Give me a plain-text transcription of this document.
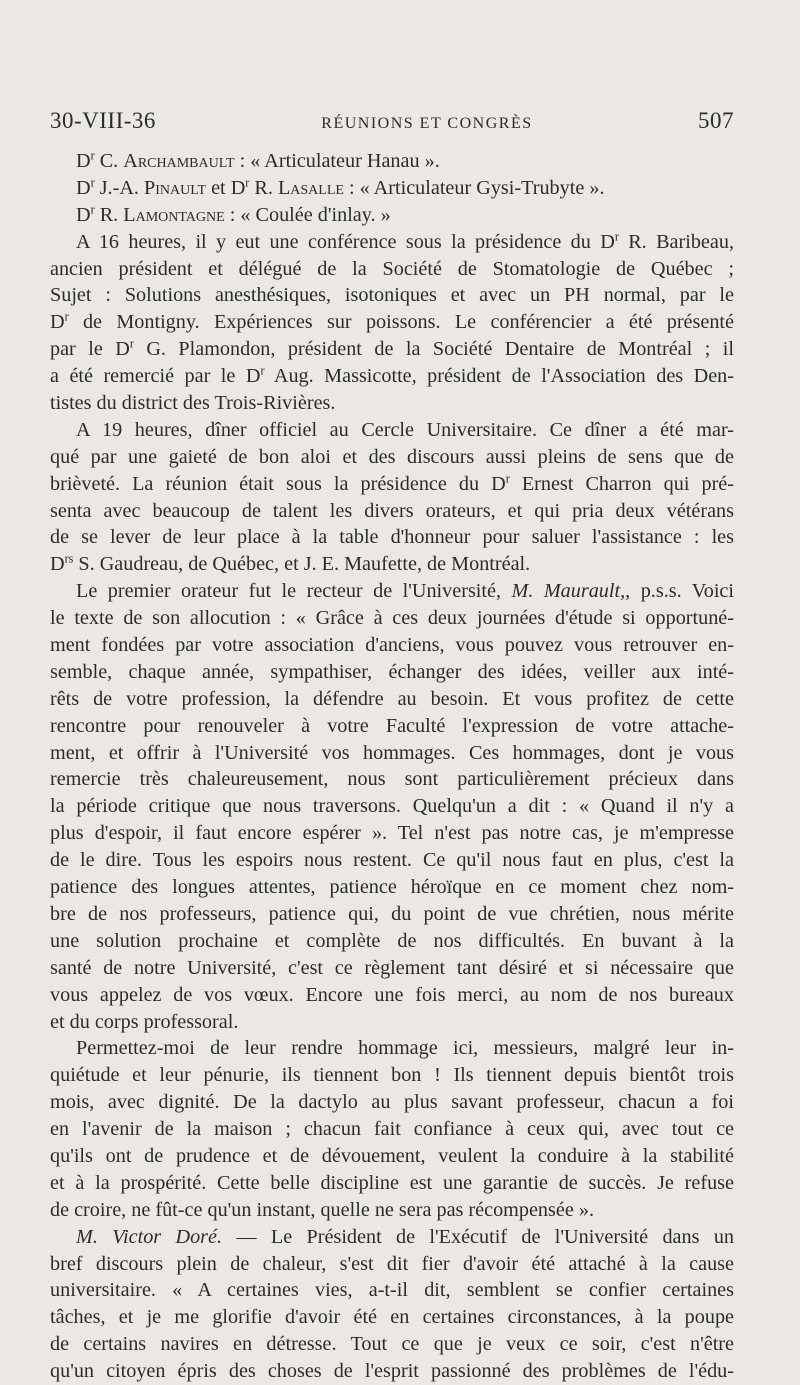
30-VIII-36	RÉUNIONS ET CONGRÈS	507
$D^r$ C. Archambault : « Articulateur Hanau ».
$D^r$ J.-A. Pinault et $D^r$ R. Lasalle : « Articulateur Gysi-Trubyte ».
$D^r$ R. Lamontagne : « Coulée d'inlay. »
A 16 heures, il y eut une conférence sous la présidence du $D^r$ R. Baribeau,
ancien président et délégué de la Société de Stomatologie de Québec ;
Sujet : Solutions anesthésiques, isotoniques et avec un PH normal, par le
$D^r$ de Montigny. Expériences sur poissons. Le conférencier a été présenté
par le $D^r$ G. Plamondon, président de la Société Dentaire de Montréal ; il
a été remercié par le $D^r$ Aug. Massicotte, président de l'Association des Den-
tistes du district des Trois-Rivières.
A 19 heures, dîner officiel au Cercle Universitaire. Ce dîner a été mar-
qué par une gaieté de bon aloi et des discours aussi pleins de sens que de
brièveté. La réunion était sous la présidence du $D^r$ Ernest Charron qui pré-
senta avec beaucoup de talent les divers orateurs, et qui pria deux vétérans
de se lever de leur place à la table d'honneur pour saluer l'assistance : les
$D^{rs}$ S. Gaudreau, de Québec, et J. E. Maufette, de Montréal.
Le premier orateur fut le recteur de l'Université, M. Maurault,, p.s.s. Voici
le texte de son allocution : « Grâce à ces deux journées d'étude si opportuné-
ment fondées par votre association d'anciens, vous pouvez vous retrouver en-
semble, chaque année, sympathiser, échanger des idées, veiller aux inté-
rêts de votre profession, la défendre au besoin. Et vous profitez de cette
rencontre pour renouveler à votre Faculté l'expression de votre attache-
ment, et offrir à l'Université vos hommages. Ces hommages, dont je vous
remercie très chaleureusement, nous sont particulièrement précieux dans
la période critique que nous traversons. Quelqu'un a dit : « Quand il n'y a
plus d'espoir, il faut encore espérer ». Tel n'est pas notre cas, je m'empresse
de le dire. Tous les espoirs nous restent. Ce qu'il nous faut en plus, c'est la
patience des longues attentes, patience héroïque en ce moment chez nom-
bre de nos professeurs, patience qui, du point de vue chrétien, nous mérite
une solution prochaine et complète de nos difficultés. En buvant à la
santé de notre Université, c'est ce règlement tant désiré et si nécessaire que
vous appelez de vos vœux. Encore une fois merci, au nom de nos bureaux
et du corps professoral.
Permettez-moi de leur rendre hommage ici, messieurs, malgré leur in-
quiétude et leur pénurie, ils tiennent bon ! Ils tiennent depuis bientôt trois
mois, avec dignité. De la dactylo au plus savant professeur, chacun a foi
en l'avenir de la maison ; chacun fait confiance à ceux qui, avec tout ce
qu'ils ont de prudence et de dévouement, veulent la conduire à la stabilité
et à la prospérité. Cette belle discipline est une garantie de succès. Je refuse
de croire, ne fût-ce qu'un instant, quelle ne sera pas récompensée ».
M. Victor Doré. — Le Président de l'Exécutif de l'Université dans un
bref discours plein de chaleur, s'est dit fier d'avoir été attaché à la cause
universitaire. « A certaines vies, a-t-il dit, semblent se confier certaines
tâches, et je me glorifie d'avoir été en certaines circonstances, à la poupe
de certains navires en détresse. Tout ce que je veux ce soir, c'est n'être
qu'un citoyen épris des choses de l'esprit passionné des problèmes de l'édu-
